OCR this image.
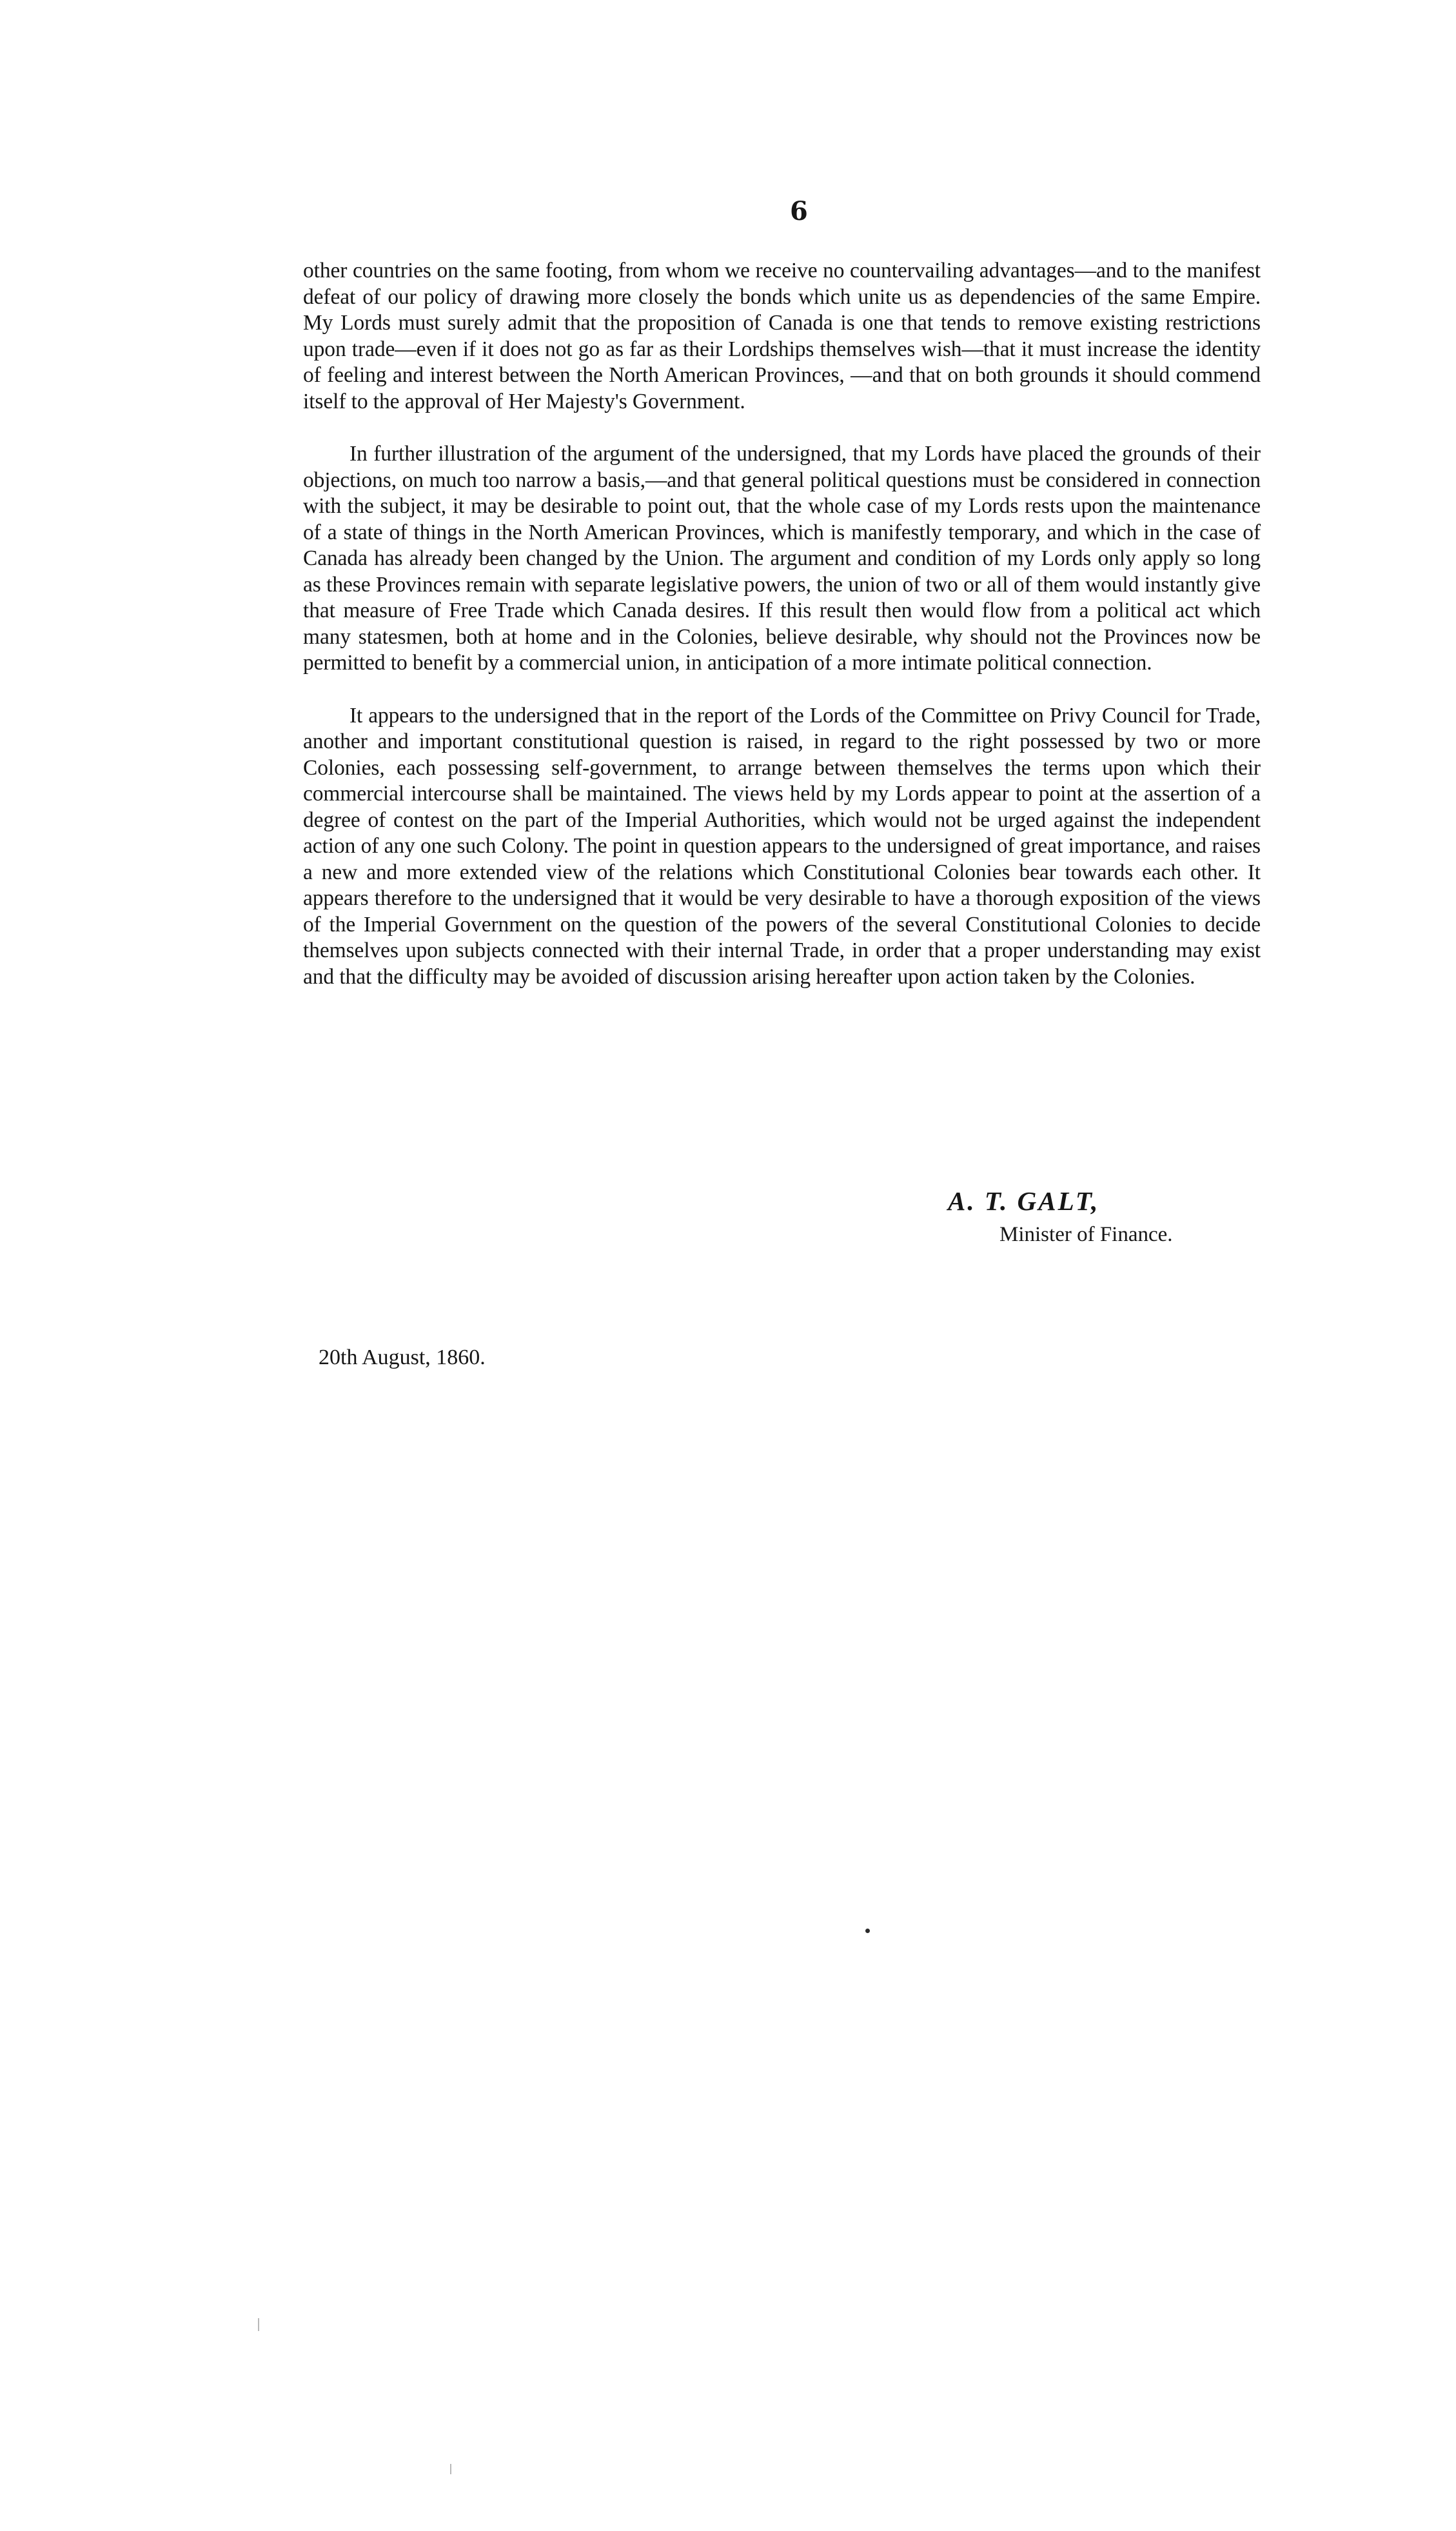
6

other countries on the same footing, from whom we receive no countervailing advantages—and to the manifest defeat of our policy of drawing more closely the bonds which unite us as dependencies of the same Empire. My Lords must surely admit that the proposition of Canada is one that tends to remove existing restrictions upon trade—even if it does not go as far as their Lordships themselves wish—that it must increase the identity of feeling and interest between the North American Provinces, —and that on both grounds it should commend itself to the approval of Her Majesty's Government.

In further illustration of the argument of the undersigned, that my Lords have placed the grounds of their objections, on much too narrow a basis,—and that general political questions must be considered in connection with the subject, it may be desirable to point out, that the whole case of my Lords rests upon the maintenance of a state of things in the North American Provinces, which is manifestly temporary, and which in the case of Canada has already been changed by the Union. The argument and condition of my Lords only apply so long as these Provinces remain with separate legislative powers, the union of two or all of them would instantly give that measure of Free Trade which Canada desires. If this result then would flow from a political act which many statesmen, both at home and in the Colonies, believe desirable, why should not the Provinces now be permitted to benefit by a commercial union, in anticipation of a more intimate political connection.

It appears to the undersigned that in the report of the Lords of the Committee on Privy Council for Trade, another and important constitutional question is raised, in regard to the right possessed by two or more Colonies, each possessing self-government, to arrange between themselves the terms upon which their commercial intercourse shall be maintained. The views held by my Lords appear to point at the assertion of a degree of contest on the part of the Imperial Authorities, which would not be urged against the independent action of any one such Colony. The point in question appears to the undersigned of great importance, and raises a new and more extended view of the relations which Constitutional Colonies bear towards each other. It appears therefore to the undersigned that it would be very desirable to have a thorough exposition of the views of the Imperial Government on the question of the powers of the several Constitutional Colonies to decide themselves upon subjects connected with their internal Trade, in order that a proper understanding may exist and that the difficulty may be avoided of discussion arising hereafter upon action taken by the Colonies.

A. T. GALT,
Minister of Finance.
20th August, 1860.
